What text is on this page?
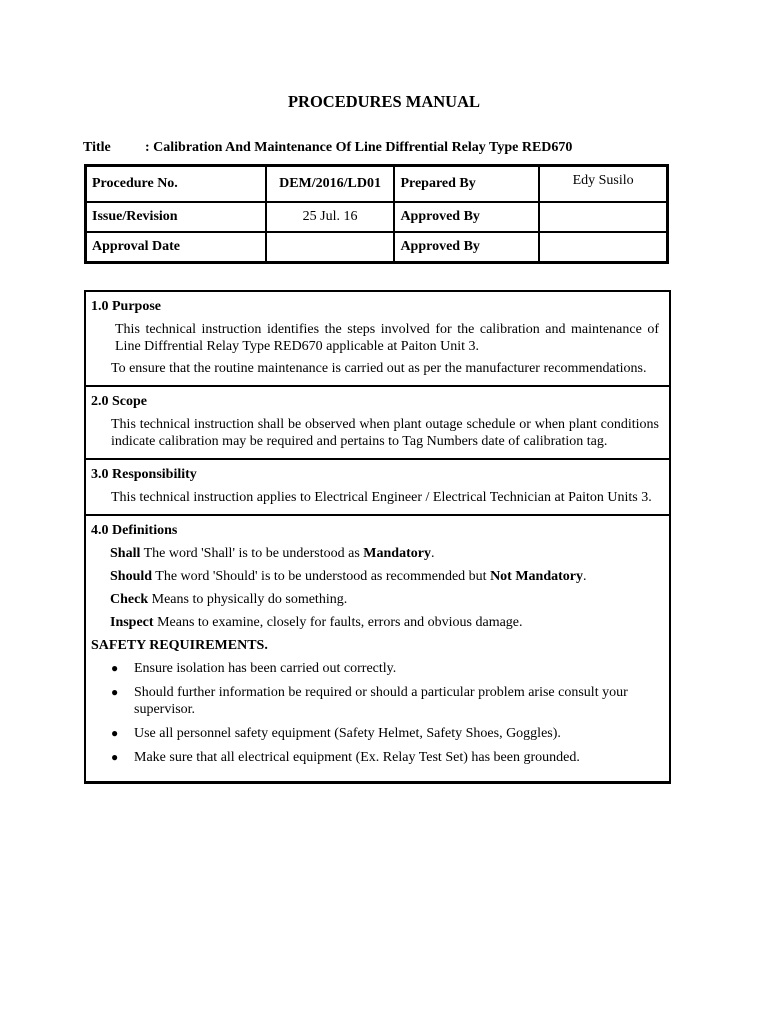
PROCEDURES MANUAL
Title : Calibration And Maintenance Of Line Diffrential Relay Type RED670
Procedure No.	DEM/2016/LD01	Prepared By	Edy Susilo
Issue/Revision	25 Jul. 16	Approved By	
Approval Date		Approved By	
1.0 Purpose
This technical instruction identifies the steps involved for the calibration and maintenance of Line Diffrential Relay Type RED670 applicable at Paiton Unit 3.
To ensure that the routine maintenance is carried out as per the manufacturer recommendations.
2.0 Scope
This technical instruction shall be observed when plant outage schedule or when plant conditions indicate calibration may be required and pertains to Tag Numbers date of calibration tag.
3.0 Responsibility
This technical instruction applies to Electrical Engineer / Electrical Technician at Paiton Units 3.
4.0 Definitions
Shall The word 'Shall' is to be understood as Mandatory.
Should The word 'Should' is to be understood as recommended but Not Mandatory.
Check Means to physically do something.
Inspect Means to examine, closely for faults, errors and obvious damage.
SAFETY REQUIREMENTS.
● Ensure isolation has been carried out correctly.
● Should further information be required or should a particular problem arise consult your supervisor.
● Use all personnel safety equipment (Safety Helmet, Safety Shoes, Goggles).
● Make sure that all electrical equipment (Ex. Relay Test Set) has been grounded.
